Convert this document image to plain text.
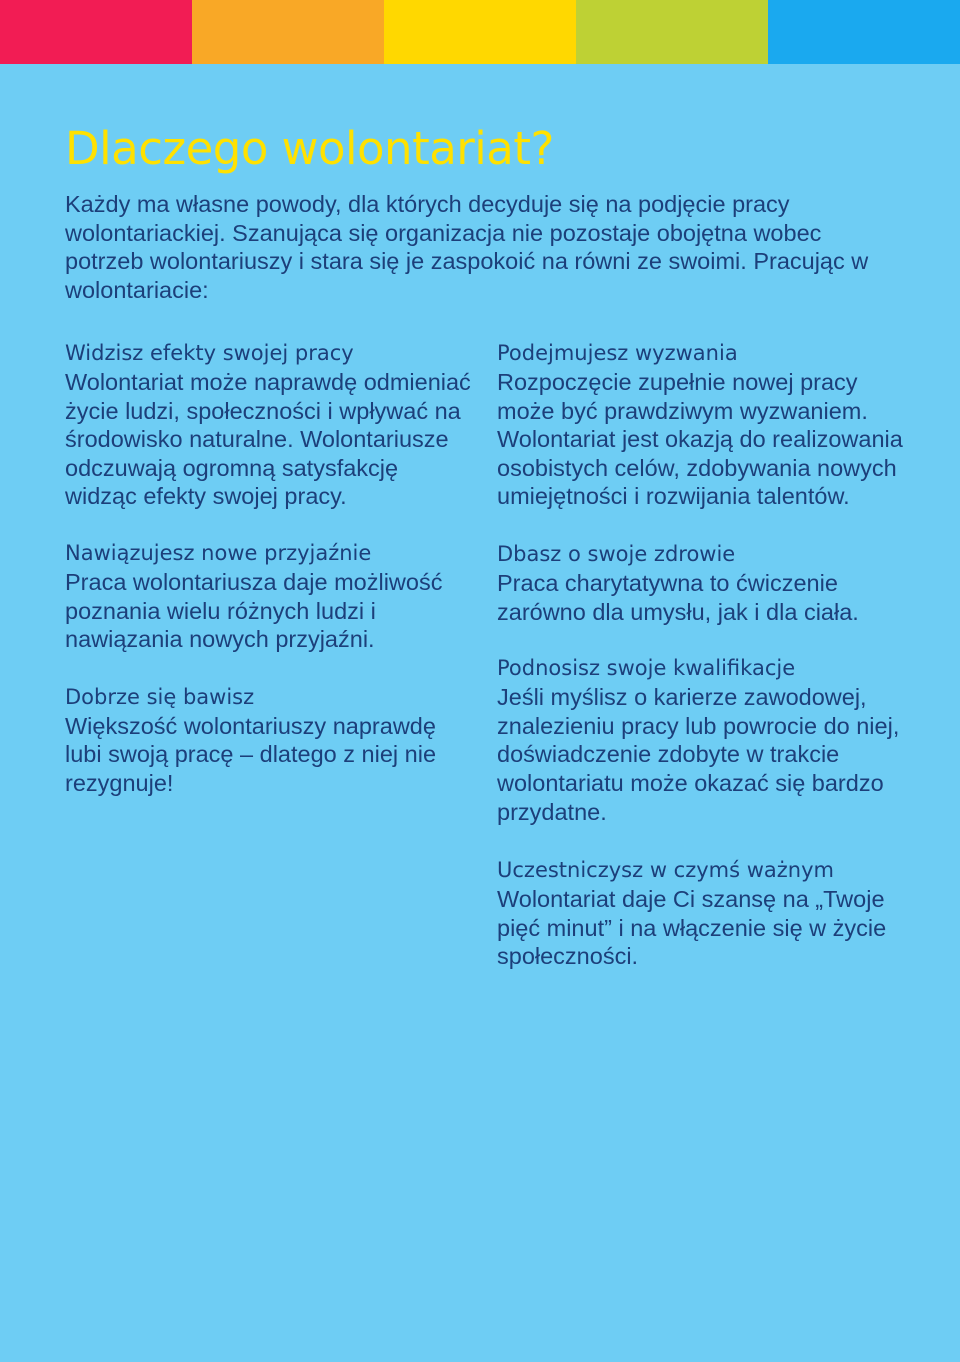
Dlaczego wolontariat?

Każdy ma własne powody, dla których decyduje się na podjęcie pracy wolontariackiej. Szanująca się organizacja nie pozostaje obojętna wobec potrzeb wolontariuszy i stara się je zaspokoić na równi ze swoimi. Pracując w wolontariacie:

Widzisz efekty swojej pracy

Wolontariat może naprawdę odmieniać życie ludzi, społeczności i wpływać na środowisko naturalne. Wolontariusze odczuwają ogromną satysfakcję widząc efekty swojej pracy.

Nawiązujesz nowe przyjaźnie

Praca wolontariusza daje możliwość poznania wielu różnych ludzi i nawiązania nowych przyjaźni.

Dobrze się bawisz

Większość wolontariuszy naprawdę lubi swoją pracę – dlatego z niej nie rezygnuje!

Podejmujesz wyzwania

Rozpoczęcie zupełnie nowej pracy może być prawdziwym wyzwaniem. Wolontariat jest okazją do realizowania osobistych celów, zdobywania nowych umiejętności i rozwijania talentów.

Dbasz o swoje zdrowie

Praca charytatywna to ćwiczenie zarówno dla umysłu, jak i dla ciała.

Podnosisz swoje kwalifikacje

Jeśli myślisz o karierze zawodowej, znalezieniu pracy lub powrocie do niej, doświadczenie zdobyte w trakcie wolontariatu może okazać się bardzo przydatne.

Uczestniczysz w czymś ważnym

Wolontariat daje Ci szansę na „Twoje pięć minut” i na włączenie się w życie społeczności.
